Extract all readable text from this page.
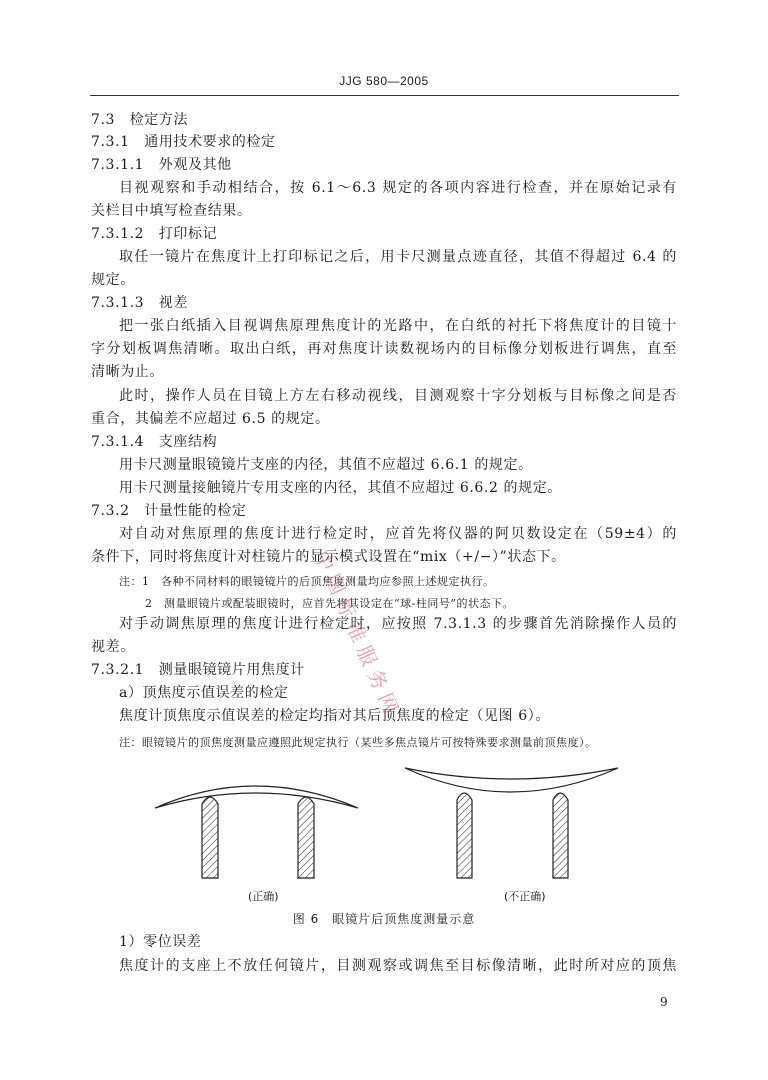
JJG 580—2005
7.3　检定方法
7.3.1　通用技术要求的检定
7.3.1.1　外观及其他
目视观察和手动相结合，按 6.1～6.3 规定的各项内容进行检查，并在原始记录有
关栏目中填写检查结果。
7.3.1.2　打印标记
取任一镜片在焦度计上打印标记之后，用卡尺测量点迹直径，其值不得超过 6.4 的
规定。
7.3.1.3　视差
把一张白纸插入目视调焦原理焦度计的光路中，在白纸的衬托下将焦度计的目镜十
字分划板调焦清晰。取出白纸，再对焦度计读数视场内的目标像分划板进行调焦，直至
清晰为止。
此时，操作人员在目镜上方左右移动视线，目测观察十字分划板与目标像之间是否
重合，其偏差不应超过 6.5 的规定。
7.3.1.4　支座结构
用卡尺测量眼镜镜片支座的内径，其值不应超过 6.6.1 的规定。
用卡尺测量接触镜片专用支座的内径，其值不应超过 6.6.2 的规定。
7.3.2　计量性能的检定
对自动对焦原理的焦度计进行检定时，应首先将仪器的阿贝数设定在（59±4）的
条件下，同时将焦度计对柱镜片的显示模式设置在“mix（+/−）”状态下。
注：1　各种不同材料的眼镜镜片的后顶焦度测量均应参照上述规定执行。
2　测量眼镜片或配装眼镜时，应首先将其设定在“球-柱同号”的状态下。
对手动调焦原理的焦度计进行检定时，应按照 7.3.1.3 的步骤首先消除操作人员的
视差。
7.3.2.1　测量眼镜镜片用焦度计
a）顶焦度示值误差的检定
焦度计顶焦度示值误差的检定均指对其后顶焦度的检定（见图 6）。
注：眼镜镜片的顶焦度测量应遵照此规定执行（某些多焦点镜片可按特殊要求测量前顶焦度）。
1）零位误差
焦度计的支座上不放任何镜片，目测观察或调焦至目标像清晰，此时所对应的顶焦
(正确)	(不正确)
图 6　眼镜片后顶焦度测量示意
9
中国标准服务网
